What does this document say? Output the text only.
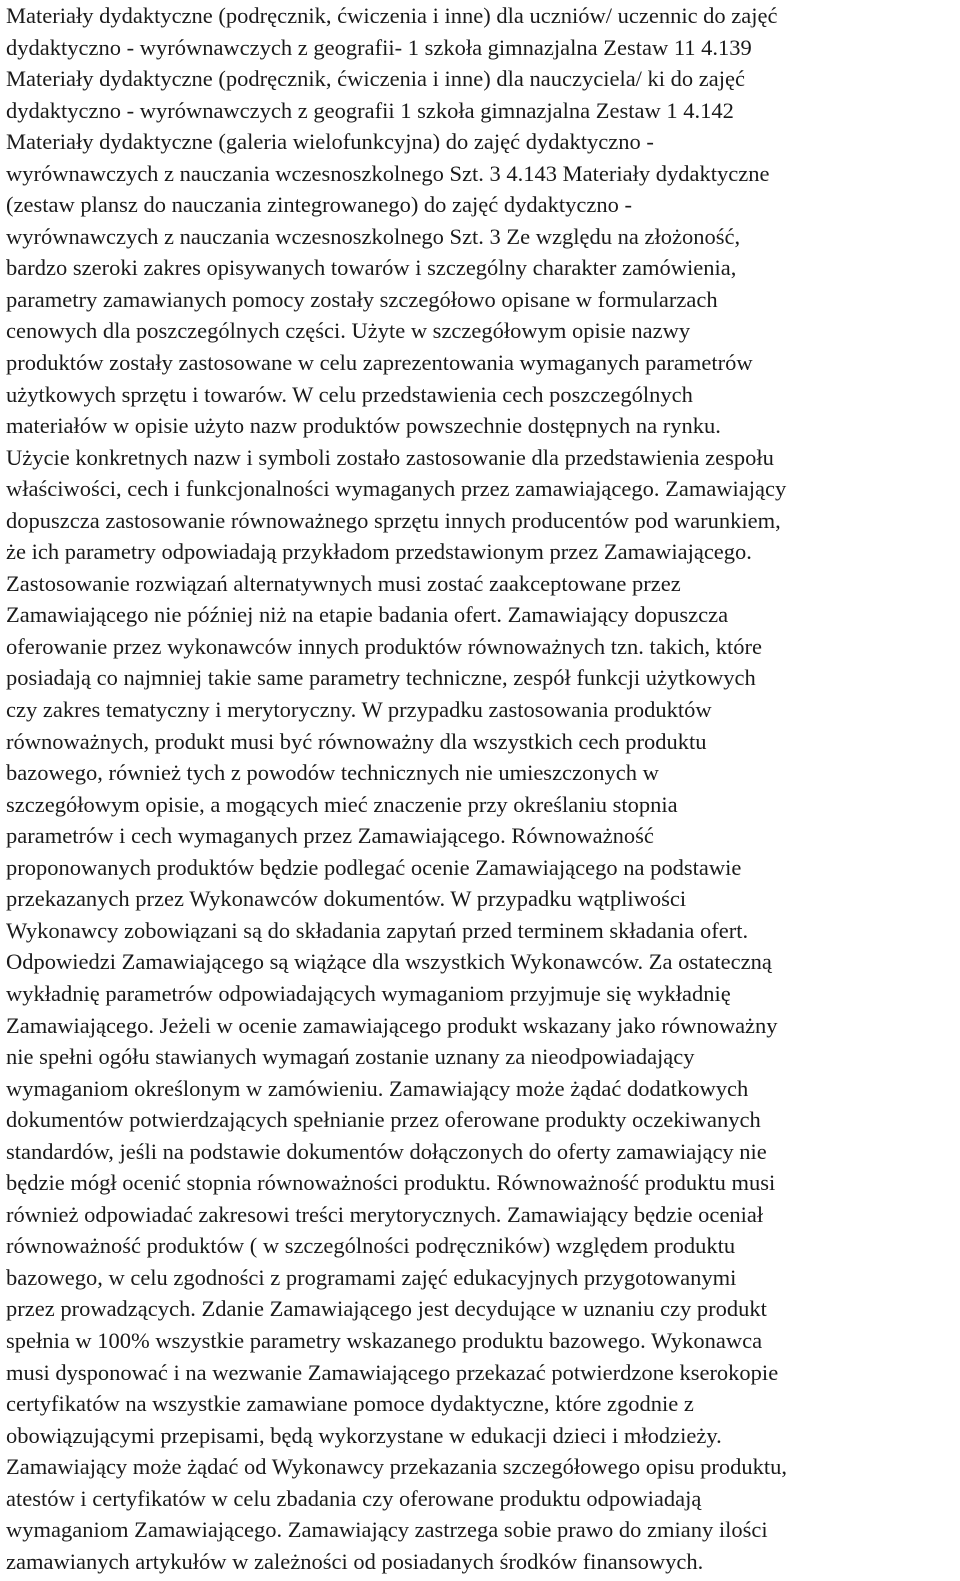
Materiały dydaktyczne (podręcznik, ćwiczenia i inne) dla uczniów/ uczennic do zajęć
dydaktyczno - wyrównawczych z geografii- 1 szkoła gimnazjalna Zestaw 11 4.139
Materiały dydaktyczne (podręcznik, ćwiczenia i inne) dla nauczyciela/ ki do zajęć
dydaktyczno - wyrównawczych z geografii 1 szkoła gimnazjalna Zestaw 1 4.142
Materiały dydaktyczne (galeria wielofunkcyjna) do zajęć dydaktyczno -
wyrównawczych z nauczania wczesnoszkolnego Szt. 3 4.143 Materiały dydaktyczne
(zestaw plansz do nauczania zintegrowanego) do zajęć dydaktyczno -
wyrównawczych z nauczania wczesnoszkolnego Szt. 3 Ze względu na złożoność,
bardzo szeroki zakres opisywanych towarów i szczególny charakter zamówienia,
parametry zamawianych pomocy zostały szczegółowo opisane w formularzach
cenowych dla poszczególnych części. Użyte w szczegółowym opisie nazwy
produktów zostały zastosowane w celu zaprezentowania wymaganych parametrów
użytkowych sprzętu i towarów. W celu przedstawienia cech poszczególnych
materiałów w opisie użyto nazw produktów powszechnie dostępnych na rynku.
Użycie konkretnych nazw i symboli zostało zastosowanie dla przedstawienia zespołu
właściwości, cech i funkcjonalności wymaganych przez zamawiającego. Zamawiający
dopuszcza zastosowanie równoważnego sprzętu innych producentów pod warunkiem,
że ich parametry odpowiadają przykładom przedstawionym przez Zamawiającego.
Zastosowanie rozwiązań alternatywnych musi zostać zaakceptowane przez
Zamawiającego nie później niż na etapie badania ofert. Zamawiający dopuszcza
oferowanie przez wykonawców innych produktów równoważnych tzn. takich, które
posiadają co najmniej takie same parametry techniczne, zespół funkcji użytkowych
czy zakres tematyczny i merytoryczny. W przypadku zastosowania produktów
równoważnych, produkt musi być równoważny dla wszystkich cech produktu
bazowego, również tych z powodów technicznych nie umieszczonych w
szczegółowym opisie, a mogących mieć znaczenie przy określaniu stopnia
parametrów i cech wymaganych przez Zamawiającego. Równoważność
proponowanych produktów będzie podlegać ocenie Zamawiającego na podstawie
przekazanych przez Wykonawców dokumentów. W przypadku wątpliwości
Wykonawcy zobowiązani są do składania zapytań przed terminem składania ofert.
Odpowiedzi Zamawiającego są wiążące dla wszystkich Wykonawców. Za ostateczną
wykładnię parametrów odpowiadających wymaganiom przyjmuje się wykładnię
Zamawiającego. Jeżeli w ocenie zamawiającego produkt wskazany jako równoważny
nie spełni ogółu stawianych wymagań zostanie uznany za nieodpowiadający
wymaganiom określonym w zamówieniu. Zamawiający może żądać dodatkowych
dokumentów potwierdzających spełnianie przez oferowane produkty oczekiwanych
standardów, jeśli na podstawie dokumentów dołączonych do oferty zamawiający nie
będzie mógł ocenić stopnia równoważności produktu. Równoważność produktu musi
również odpowiadać zakresowi treści merytorycznych. Zamawiający będzie oceniał
równoważność produktów ( w szczególności podręczników) względem produktu
bazowego, w celu zgodności z programami zajęć edukacyjnych przygotowanymi
przez prowadzących. Zdanie Zamawiającego jest decydujące w uznaniu czy produkt
spełnia w 100% wszystkie parametry wskazanego produktu bazowego. Wykonawca
musi dysponować i na wezwanie Zamawiającego przekazać potwierdzone kserokopie
certyfikatów na wszystkie zamawiane pomoce dydaktyczne, które zgodnie z
obowiązującymi przepisami, będą wykorzystane w edukacji dzieci i młodzieży.
Zamawiający może żądać od Wykonawcy przekazania szczegółowego opisu produktu,
atestów i certyfikatów w celu zbadania czy oferowane produktu odpowiadają
wymaganiom Zamawiającego. Zamawiający zastrzega sobie prawo do zmiany ilości
zamawianych artykułów w zależności od posiadanych środków finansowych.
